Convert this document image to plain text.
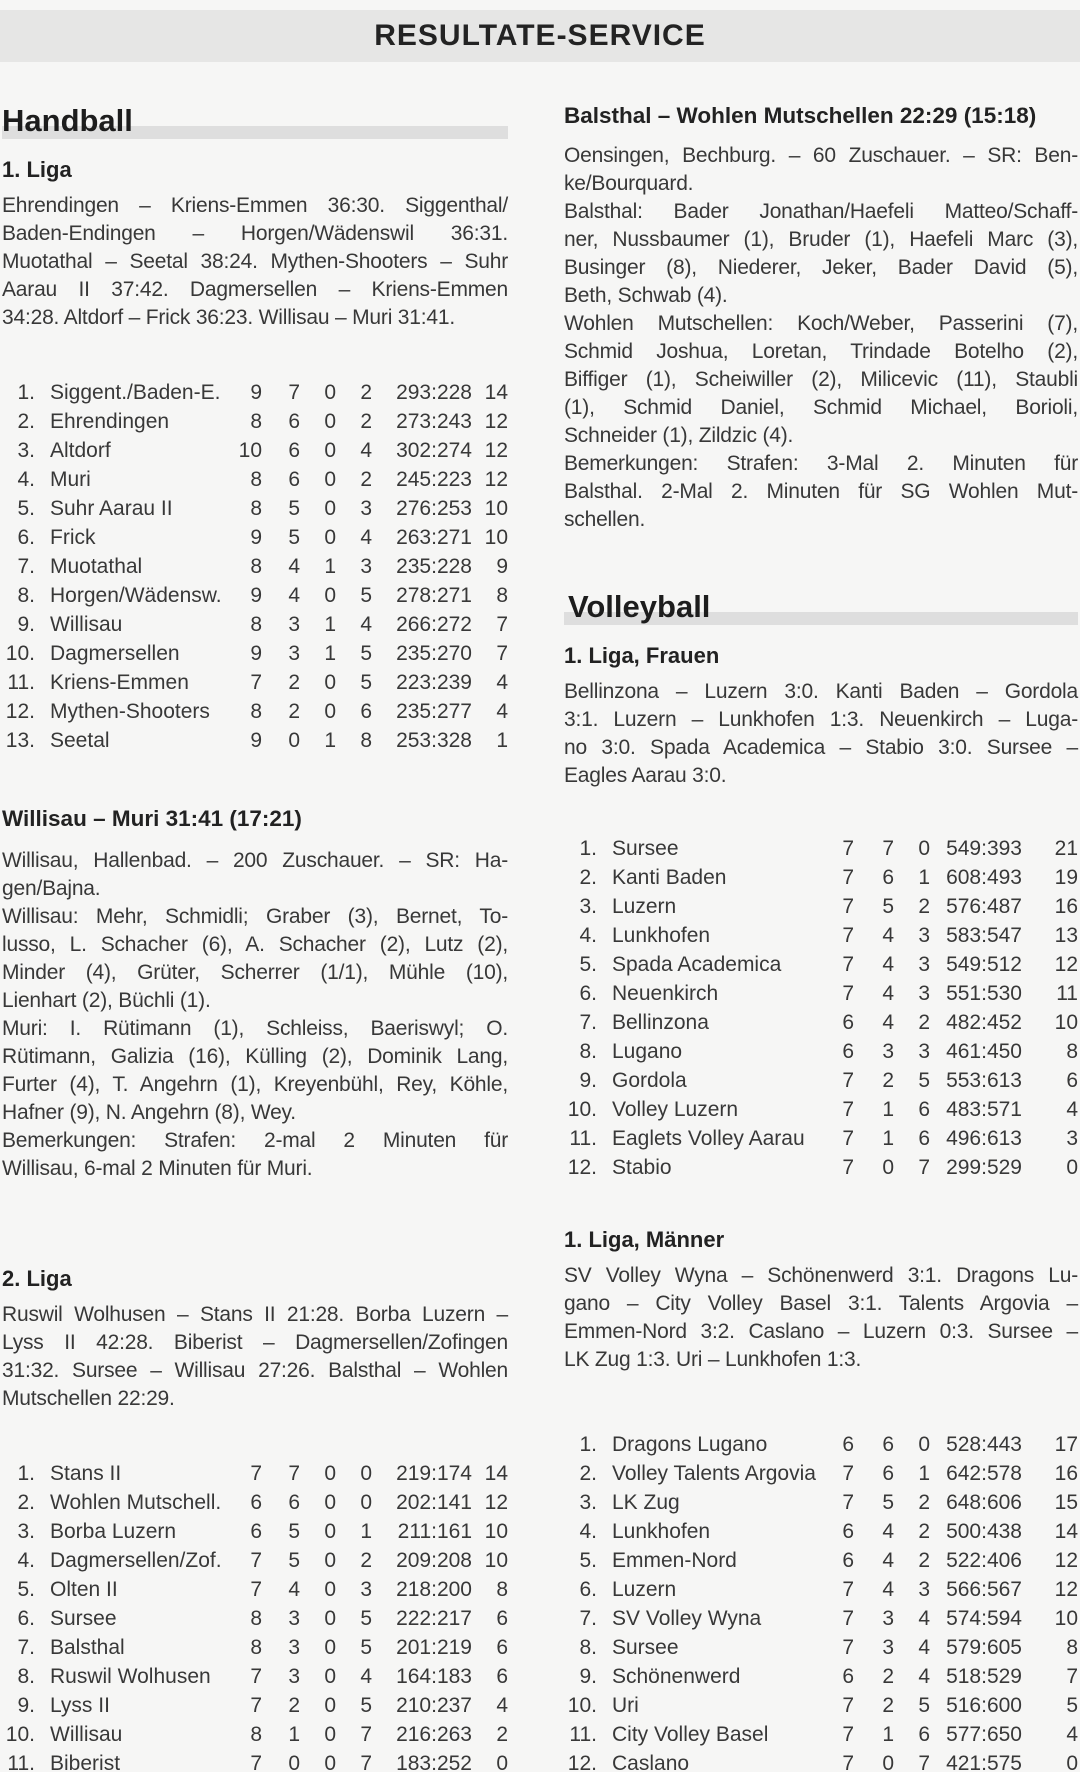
RESULTATE-SERVICE
Handball
1. Liga
Ehrendingen – Kriens-Emmen 36:30. Siggenthal/
Baden-Endingen – Horgen/Wädenswil 36:31.
Muotathal – Seetal 38:24. Mythen-Shooters – Suhr
Aarau II 37:42. Dagmersellen – Kriens-Emmen
34:28. Altdorf – Frick 36:23. Willisau – Muri 31:41.
1. Siggent./Baden-E.	9	7	0	2	293:228 14
2. Ehrendingen	8	6	0	2	273:243 12
3. Altdorf	10	6	0	4	302:274 12
4. Muri	8	6	0	2	245:223 12
5. Suhr Aarau II	8	5	0	3	276:253 10
6. Frick	9	5	0	4	263:271 10
7. Muotathal	8	4	1	3	235:228	9
8. Horgen/Wädensw.	9	4	0	5	278:271	8
9. Willisau	8	3	1	4	266:272	7
10. Dagmersellen	9	3	1	5	235:270	7
11. Kriens-Emmen	7	2	0	5	223:239	4
12. Mythen-Shooters	8	2	0	6	235:277	4
13. Seetal	9	0	1	8	253:328	1
Willisau – Muri 31:41 (17:21)
Willisau, Hallenbad. – 200 Zuschauer. – SR: Ha-
gen/Bajna.
Willisau: Mehr, Schmidli; Graber (3), Bernet, To-
lusso, L. Schacher (6), A. Schacher (2), Lutz (2),
Minder (4), Grüter, Scherrer (1/1), Mühle (10),
Lienhart (2), Büchli (1).
Muri: I. Rütimann (1), Schleiss, Baeriswyl; O.
Rütimann, Galizia (16), Külling (2), Dominik Lang,
Furter (4), T. Angehrn (1), Kreyenbühl, Rey, Köhle,
Hafner (9), N. Angehrn (8), Wey.
Bemerkungen: Strafen: 2-mal 2 Minuten für
Willisau, 6-mal 2 Minuten für Muri.
2. Liga
Ruswil Wolhusen – Stans II 21:28. Borba Luzern –
Lyss II 42:28. Biberist – Dagmersellen/Zofingen
31:32. Sursee – Willisau 27:26. Balsthal – Wohlen
Mutschellen 22:29.
1. Stans II	7	7	0	0	219:174 14
2. Wohlen Mutschell.	6	6	0	0	202:141 12
3. Borba Luzern	6	5	0	1	211:161 10
4. Dagmersellen/Zof.	7	5	0	2	209:208 10
5. Olten II	7	4	0	3	218:200	8
6. Sursee	8	3	0	5	222:217	6
7. Balsthal	8	3	0	5	201:219	6
8. Ruswil Wolhusen	7	3	0	4	164:183	6
9. Lyss II	7	2	0	5	210:237	4
10. Willisau	8	1	0	7	216:263	2
11. Biberist	7	0	0	7	183:252	0
Balsthal – Wohlen Mutschellen 22:29 (15:18)
Oensingen, Bechburg. – 60 Zuschauer. – SR: Ben-
ke/Bourquard.
Balsthal: Bader Jonathan/Haefeli Matteo/Schaff-
ner, Nussbaumer (1), Bruder (1), Haefeli Marc (3),
Businger (8), Niederer, Jeker, Bader David (5),
Beth, Schwab (4).
Wohlen Mutschellen: Koch/Weber, Passerini (7),
Schmid Joshua, Loretan, Trindade Botelho (2),
Biffiger (1), Scheiwiller (2), Milicevic (11), Staubli
(1), Schmid Daniel, Schmid Michael, Borioli,
Schneider (1), Zildzic (4).
Bemerkungen: Strafen: 3-Mal 2. Minuten für
Balsthal. 2-Mal 2. Minuten für SG Wohlen Mut-
schellen.
Volleyball
1. Liga, Frauen
Bellinzona – Luzern 3:0. Kanti Baden – Gordola
3:1. Luzern – Lunkhofen 1:3. Neuenkirch – Luga-
no 3:0. Spada Academica – Stabio 3:0. Sursee –
Eagles Aarau 3:0.
1. Sursee	7	7	0 549:393	21
2. Kanti Baden	7	6	1 608:493	19
3. Luzern	7	5	2 576:487	16
4. Lunkhofen	7	4	3 583:547	13
5. Spada Academica	7	4	3 549:512	12
6. Neuenkirch	7	4	3 551:530	11
7. Bellinzona	6	4	2 482:452	10
8. Lugano	6	3	3 461:450	8
9. Gordola	7	2	5 553:613	6
10. Volley Luzern	7	1	6 483:571	4
11. Eaglets Volley Aarau	7	1	6 496:613	3
12. Stabio	7	0	7 299:529	0
1. Liga, Männer
SV Volley Wyna – Schönenwerd 3:1. Dragons Lu-
gano – City Volley Basel 3:1. Talents Argovia –
Emmen-Nord 3:2. Caslano – Luzern 0:3. Sursee –
LK Zug 1:3. Uri – Lunkhofen 1:3.
1. Dragons Lugano	6	6	0 528:443	17
2. Volley Talents Argovia	7	6	1 642:578	16
3. LK Zug	7	5	2 648:606	15
4. Lunkhofen	6	4	2 500:438	14
5. Emmen-Nord	6	4	2 522:406	12
6. Luzern	7	4	3 566:567	12
7. SV Volley Wyna	7	3	4 574:594	10
8. Sursee	7	3	4 579:605	8
9. Schönenwerd	6	2	4 518:529	7
10. Uri	7	2	5 516:600	5
11. City Volley Basel	7	1	6 577:650	4
12. Caslano	7	0	7 421:575	0
